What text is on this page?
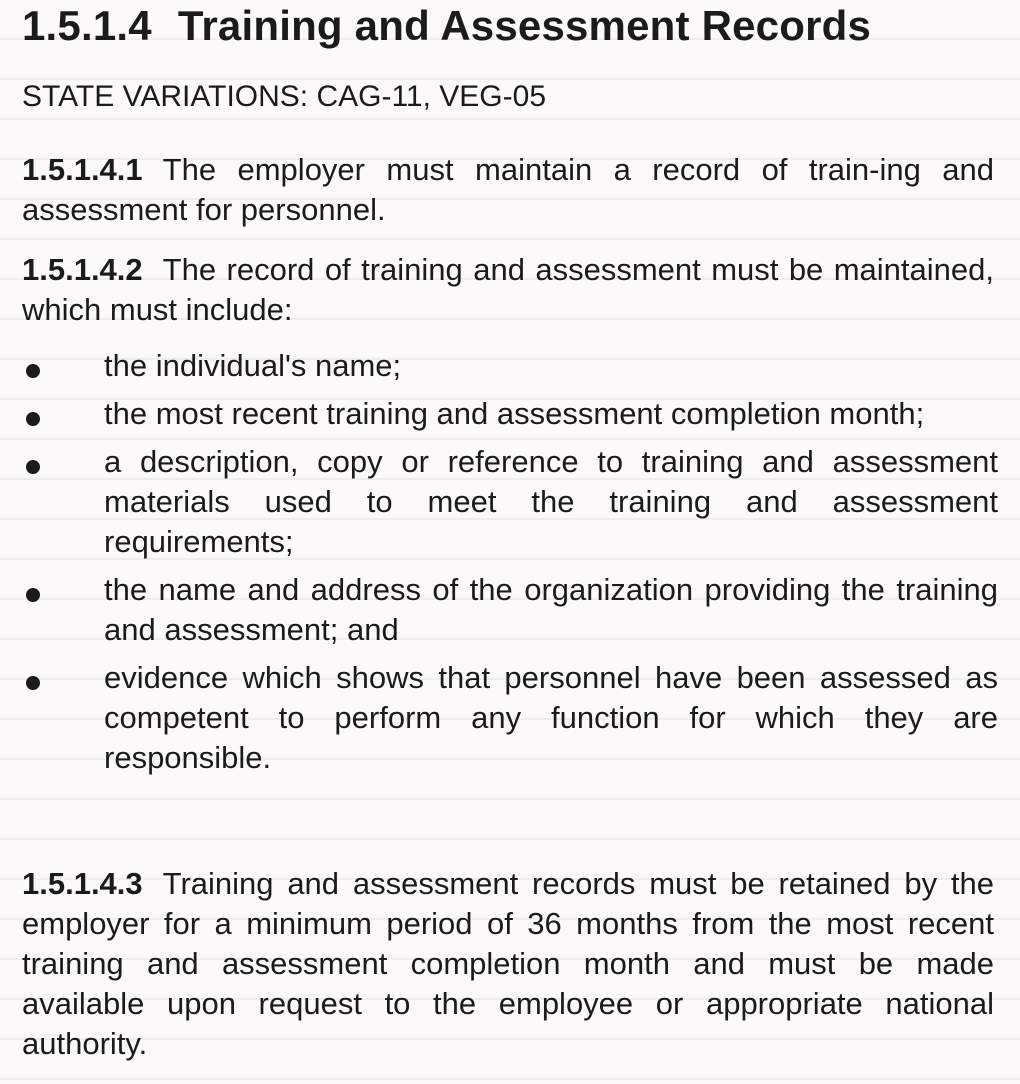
1.5.1.4 Training and Assessment Records
STATE VARIATIONS: CAG-11, VEG-05

1.5.1.4.1 The employer must maintain a record of train-ing and assessment for personnel.

1.5.1.4.2 The record of training and assessment must be maintained, which must include:

the individual's name;
the most recent training and assessment completion month;
a description, copy or reference to training and assessment materials used to meet the training and assessment requirements;
the name and address of the organization providing the training and assessment; and
evidence which shows that personnel have been assessed as competent to perform any function for which they are responsible.

1.5.1.4.3 Training and assessment records must be retained by the employer for a minimum period of 36 months from the most recent training and assessment completion month and must be made available upon request to the employee or appropriate national authority.
